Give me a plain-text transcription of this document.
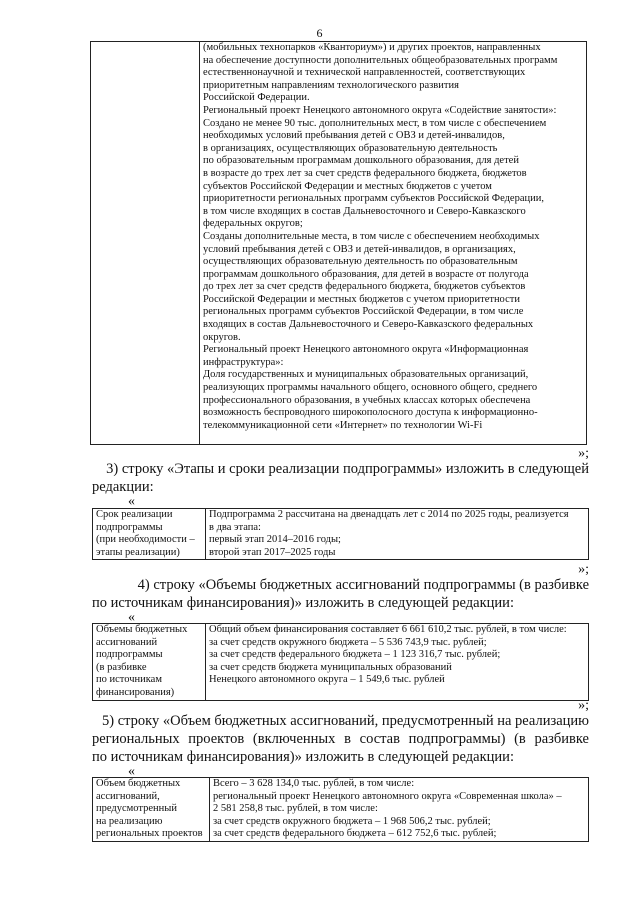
6

(мобильных технопарков «Кванториум») и других проектов, направленных
на обеспечение доступности дополнительных общеобразовательных программ
естественнонаучной и технической направленностей, соответствующих
приоритетным направлениям технологического развития
Российской Федерации.
Региональный проект Ненецкого автономного округа «Содействие занятости»:
Создано не менее 90 тыс. дополнительных мест, в том числе с обеспечением
необходимых условий пребывания детей с ОВЗ и детей-инвалидов,
в организациях, осуществляющих образовательную деятельность
по образовательным программам дошкольного образования, для детей
в возрасте до трех лет за счет средств федерального бюджета, бюджетов
субъектов Российской Федерации и местных бюджетов с учетом
приоритетности региональных программ субъектов Российской Федерации,
в том числе входящих в состав Дальневосточного и Северо-Кавказского
федеральных округов;
Созданы дополнительные места, в том числе с обеспечением необходимых
условий пребывания детей с ОВЗ и детей-инвалидов, в организациях,
осуществляющих образовательную деятельность по образовательным
программам дошкольного образования, для детей в возрасте от полугода
до трех лет за счет средств федерального бюджета, бюджетов субъектов
Российской Федерации и местных бюджетов с учетом приоритетности
региональных программ субъектов Российской Федерации, в том числе
входящих в состав Дальневосточного и Северо-Кавказского федеральных
округов.
Региональный проект Ненецкого автономного округа «Информационная
инфраструктура»:
Доля государственных и муниципальных образовательных организаций,
реализующих программы начального общего, основного общего, среднего
профессионального образования, в учебных классах которых обеспечена
возможность беспроводного широкополосного доступа к информационно-
телекоммуникационной сети «Интернет» по технологии Wi-Fi
»;
3) строку «Этапы и сроки реализации подпрограммы» изложить в следующей
редакции:
«
Срок реализации
подпрограммы
(при необходимости –
этапы реализации)

Подпрограмма 2 рассчитана на двенадцать лет с 2014 по 2025 годы, реализуется
в два этапа:
первый этап 2014–2016 годы;
второй этап 2017–2025 годы
»;
4) строку «Объемы бюджетных ассигнований подпрограммы (в разбивке
по источникам финансирования)» изложить в следующей редакции:
«
Объемы бюджетных
ассигнований
подпрограммы
(в разбивке
по источникам
финансирования)

Общий объем финансирования составляет 6 661 610,2 тыс. рублей, в том числе:
за счет средств окружного бюджета – 5 536 743,9 тыс. рублей;
за счет средств федерального бюджета – 1 123 316,7 тыс. рублей;
за счет средств бюджета муниципальных образований
Ненецкого автономного округа – 1 549,6 тыс. рублей
»;
5) строку «Объем бюджетных ассигнований, предусмотренный на реализацию
региональных проектов (включенных в состав подпрограммы) (в разбивке
по источникам финансирования)» изложить в следующей редакции:
«
Объем бюджетных
ассигнований,
предусмотренный
на реализацию
региональных проектов

Всего – 3 628 134,0 тыс. рублей, в том числе:
региональный проект Ненецкого автономного округа «Современная школа» –
2 581 258,8 тыс. рублей, в том числе:
за счет средств окружного бюджета – 1 968 506,2 тыс. рублей;
за счет средств федерального бюджета – 612 752,6 тыс. рублей;
